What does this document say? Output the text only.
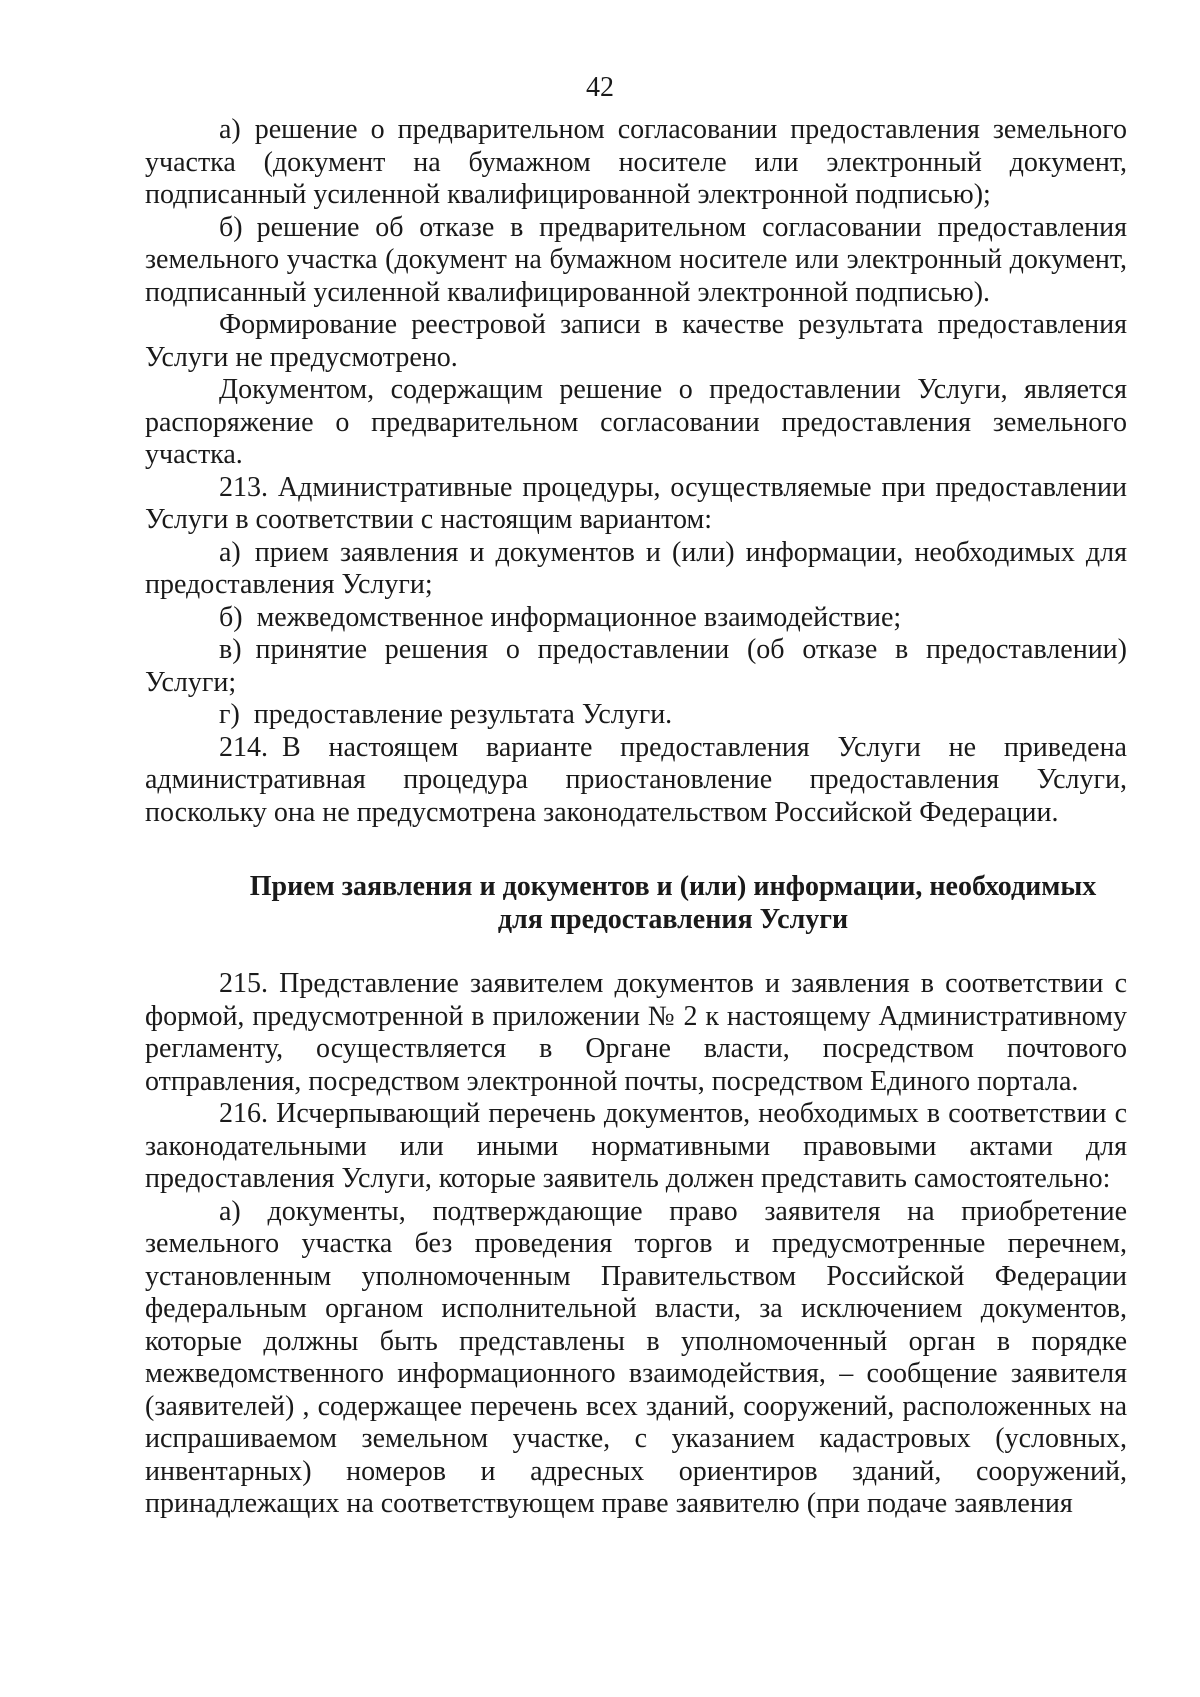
42

а) решение о предварительном согласовании предоставления земельного участка (документ на бумажном носителе или электронный документ, подписанный усиленной квалифицированной электронной подписью);

б) решение об отказе в предварительном согласовании предоставления земельного участка (документ на бумажном носителе или электронный документ, подписанный усиленной квалифицированной электронной подписью).

Формирование реестровой записи в качестве результата предоставления Услуги не предусмотрено.

Документом, содержащим решение о предоставлении Услуги, является распоряжение о предварительном согласовании предоставления земельного участка.

213. Административные процедуры, осуществляемые при предоставлении Услуги в соответствии с настоящим вариантом:

а) прием заявления и документов и (или) информации, необходимых для предоставления Услуги;

б) межведомственное информационное взаимодействие;

в) принятие решения о предоставлении (об отказе в предоставлении) Услуги;

г) предоставление результата Услуги.

214. В настоящем варианте предоставления Услуги не приведена административная процедура приостановление предоставления Услуги, поскольку она не предусмотрена законодательством Российской Федерации.

Прием заявления и документов и (или) информации, необходимых
для предоставления Услуги

215. Представление заявителем документов и заявления в соответствии с формой, предусмотренной в приложении № 2 к настоящему Административному регламенту, осуществляется в Органе власти, посредством почтового отправления, посредством электронной почты, посредством Единого портала.

216. Исчерпывающий перечень документов, необходимых в соответствии с законодательными или иными нормативными правовыми актами для предоставления Услуги, которые заявитель должен представить самостоятельно:

а) документы, подтверждающие право заявителя на приобретение земельного участка без проведения торгов и предусмотренные перечнем, установленным уполномоченным Правительством Российской Федерации федеральным органом исполнительной власти, за исключением документов, которые должны быть представлены в уполномоченный орган в порядке межведомственного информационного взаимодействия, – сообщение заявителя (заявителей) , содержащее перечень всех зданий, сооружений, расположенных на испрашиваемом земельном участке, с указанием кадастровых (условных, инвентарных) номеров и адресных ориентиров зданий, сооружений, принадлежащих на соответствующем праве заявителю (при подаче заявления
